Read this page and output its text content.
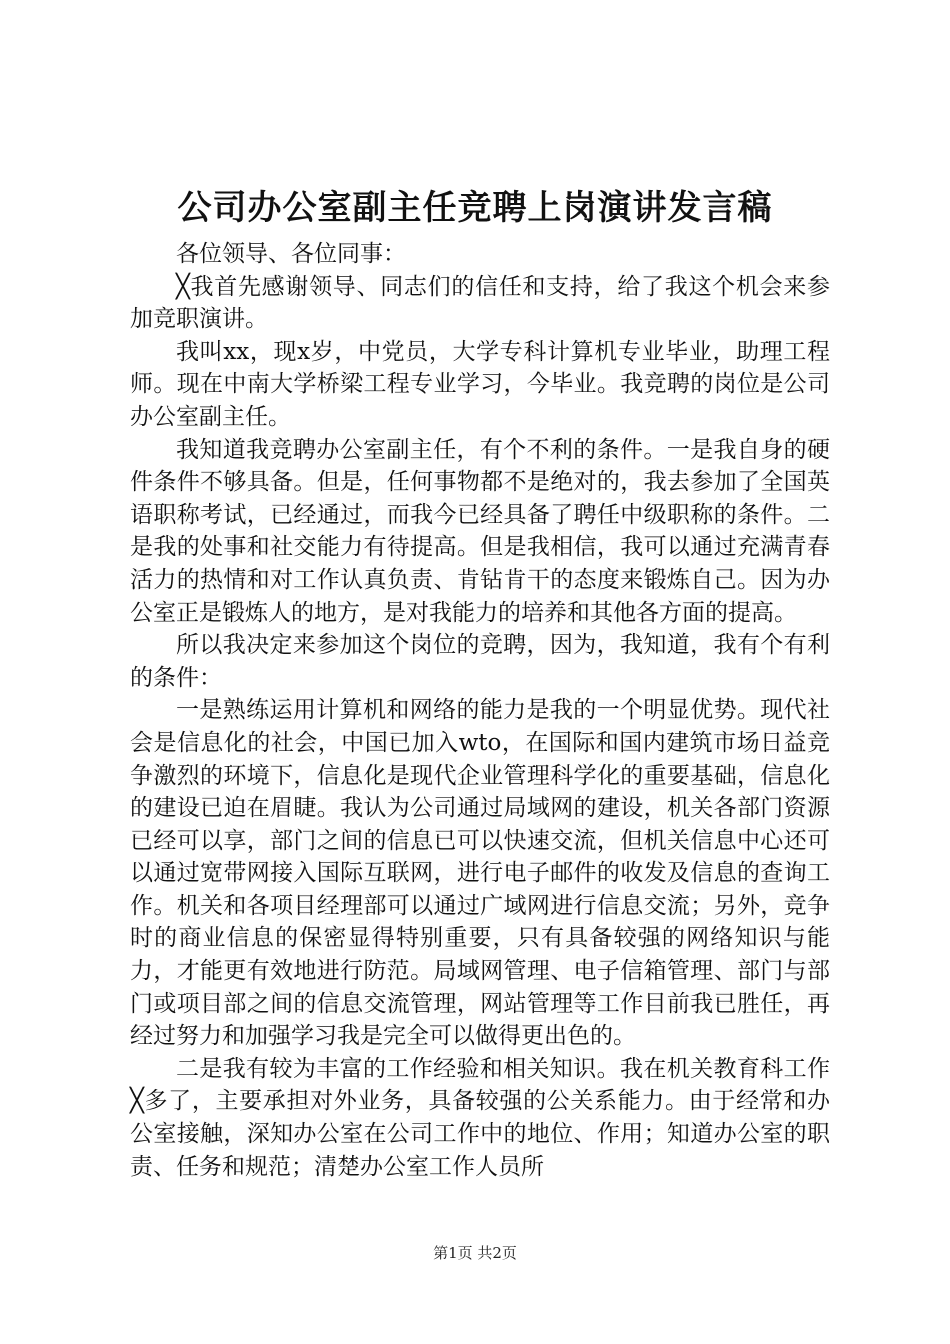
公司办公室副主任竞聘上岗演讲发言稿

各位领导、各位同事：

╳我首先感谢领导、同志们的信任和支持，给了我这个机会来参加竞职演讲。

我叫xx，现x岁，中党员，大学专科计算机专业毕业，助理工程师。现在中南大学桥梁工程专业学习，今毕业。我竞聘的岗位是公司办公室副主任。

我知道我竞聘办公室副主任，有个不利的条件。一是我自身的硬件条件不够具备。但是，任何事物都不是绝对的，我去参加了全国英语职称考试，已经通过，而我今已经具备了聘任中级职称的条件。二是我的处事和社交能力有待提高。但是我相信，我可以通过充满青春活力的热情和对工作认真负责、肯钻肯干的态度来锻炼自己。因为办公室正是锻炼人的地方，是对我能力的培养和其他各方面的提高。

所以我决定来参加这个岗位的竞聘，因为，我知道，我有个有利的条件：

一是熟练运用计算机和网络的能力是我的一个明显优势。现代社会是信息化的社会，中国已加入wto，在国际和国内建筑市场日益竞争激烈的环境下，信息化是现代企业管理科学化的重要基础，信息化的建设已迫在眉睫。我认为公司通过局域网的建设，机关各部门资源已经可以享，部门之间的信息已可以快速交流，但机关信息中心还可以通过宽带网接入国际互联网，进行电子邮件的收发及信息的查询工作。机关和各项目经理部可以通过广域网进行信息交流；另外，竞争时的商业信息的保密显得特别重要，只有具备较强的网络知识与能力，才能更有效地进行防范。局域网管理、电子信箱管理、部门与部门或项目部之间的信息交流管理，网站管理等工作目前我已胜任，再经过努力和加强学习我是完全可以做得更出色的。

二是我有较为丰富的工作经验和相关知识。我在机关教育科工作╳多了，主要承担对外业务，具备较强的公关系能力。由于经常和办公室接触，深知办公室在公司工作中的地位、作用；知道办公室的职责、任务和规范；清楚办公室工作人员所

第1页 共2页
